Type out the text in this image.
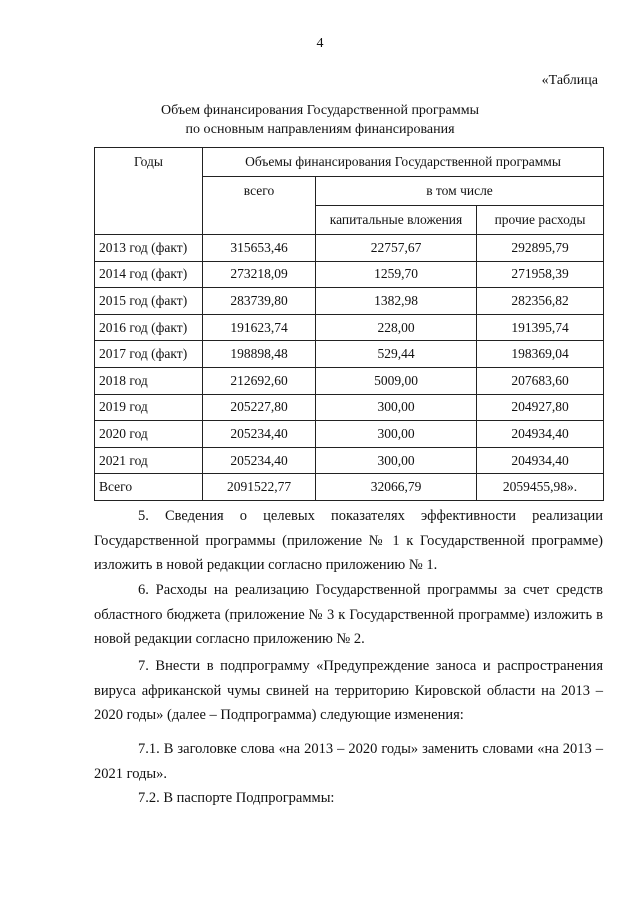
4
«Таблица
Объем финансирования Государственной программы
по основным направлениям финансирования
Годы	Объемы финансирования Государственной программы		
	всего	в том числе	
		капитальные вложения	прочие расходы
2013 год (факт)	315653,46	22757,67	292895,79
2014 год (факт)	273218,09	1259,70	271958,39
2015 год (факт)	283739,80	1382,98	282356,82
2016 год (факт)	191623,74	228,00	191395,74
2017 год (факт)	198898,48	529,44	198369,04
2018 год	212692,60	5009,00	207683,60
2019 год	205227,80	300,00	204927,80
2020 год	205234,40	300,00	204934,40
2021 год	205234,40	300,00	204934,40
Всего	2091522,77	32066,79	2059455,98».

5. Сведения о целевых показателях эффективности реализации Государственной программы (приложение № 1 к Государственной программе) изложить в новой редакции согласно приложению № 1.

6. Расходы на реализацию Государственной программы за счет средств областного бюджета (приложение № 3 к Государственной программе) изложить в новой редакции согласно приложению № 2.

7. Внести в подпрограмму «Предупреждение заноса и распространения вируса африканской чумы свиней на территорию Кировской области на 2013 – 2020 годы» (далее – Подпрограмма) следующие изменения:

7.1. В заголовке слова «на 2013 – 2020 годы» заменить словами «на 2013 – 2021 годы».

7.2. В паспорте Подпрограммы:
